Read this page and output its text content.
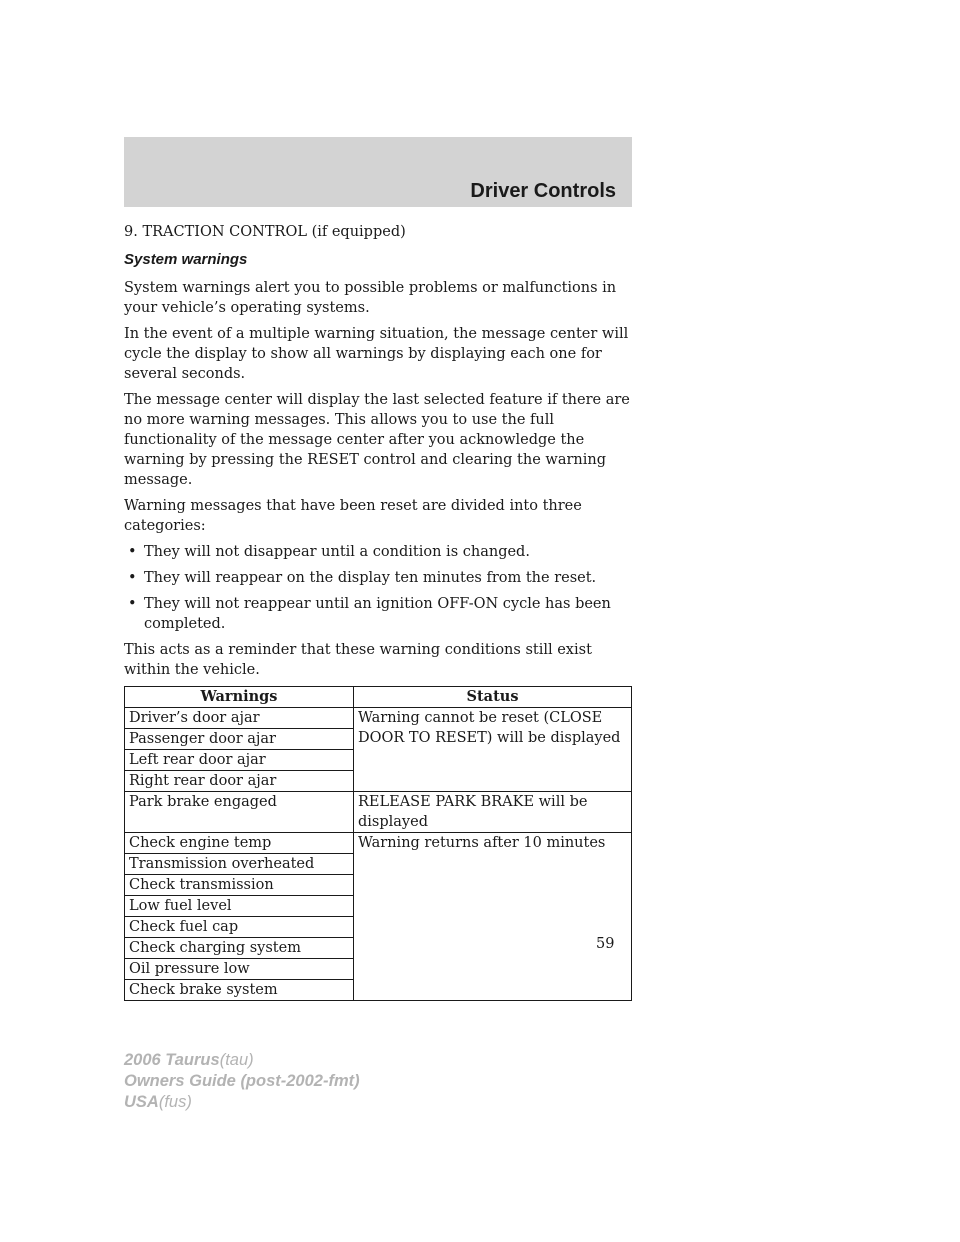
Driver Controls

9. TRACTION CONTROL (if equipped)

System warnings

System warnings alert you to possible problems or malfunctions in your vehicle’s operating systems.

In the event of a multiple warning situation, the message center will cycle the display to show all warnings by displaying each one for several seconds.

The message center will display the last selected feature if there are no more warning messages. This allows you to use the full functionality of the message center after you acknowledge the warning by pressing the RESET control and clearing the warning message.

Warning messages that have been reset are divided into three categories:

• They will not disappear until a condition is changed.
• They will reappear on the display ten minutes from the reset.
• They will not reappear until an ignition OFF-ON cycle has been completed.

This acts as a reminder that these warning conditions still exist within the vehicle.

Warnings	Status
Driver’s door ajar	Warning cannot be reset (CLOSE DOOR TO RESET) will be displayed
Passenger door ajar	
Left rear door ajar	
Right rear door ajar	
Park brake engaged	RELEASE PARK BRAKE will be displayed
Check engine temp	Warning returns after 10 minutes
Transmission overheated	
Check transmission	
Low fuel level	
Check fuel cap	
Check charging system	
Oil pressure low	
Check brake system	
59
2006 Taurus(tau)
Owners Guide (post-2002-fmt)
USA(fus)
